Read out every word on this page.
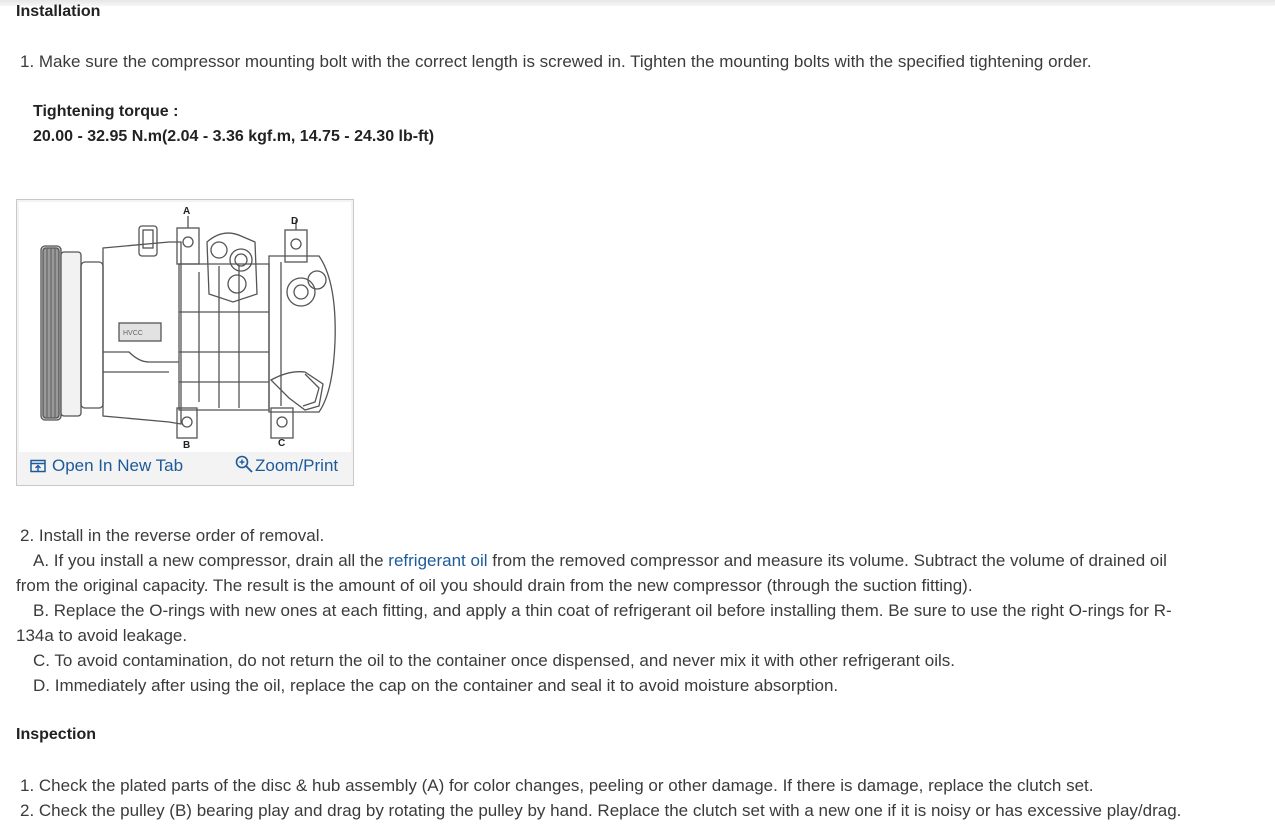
Installation
1. Make sure the compressor mounting bolt with the correct length is screwed in. Tighten the mounting bolts with the specified tightening order.
Tightening torque :
20.00 - 32.95 N.m(2.04 - 3.36 kgf.m, 14.75 - 24.30 lb-ft)
HVCC
A
D
B	C
Open In New Tab	Zoom/Print
2. Install in the reverse order of removal.
A. If you install a new compressor, drain all the refrigerant oil from the removed compressor and measure its volume. Subtract the volume of drained oil
from the original capacity. The result is the amount of oil you should drain from the new compressor (through the suction fitting).
B. Replace the O-rings with new ones at each fitting, and apply a thin coat of refrigerant oil before installing them. Be sure to use the right O-rings for R-
134a to avoid leakage.
C. To avoid contamination, do not return the oil to the container once dispensed, and never mix it with other refrigerant oils.
D. Immediately after using the oil, replace the cap on the container and seal it to avoid moisture absorption.
Inspection
1. Check the plated parts of the disc & hub assembly (A) for color changes, peeling or other damage. If there is damage, replace the clutch set.
2. Check the pulley (B) bearing play and drag by rotating the pulley by hand. Replace the clutch set with a new one if it is noisy or has excessive play/drag.
